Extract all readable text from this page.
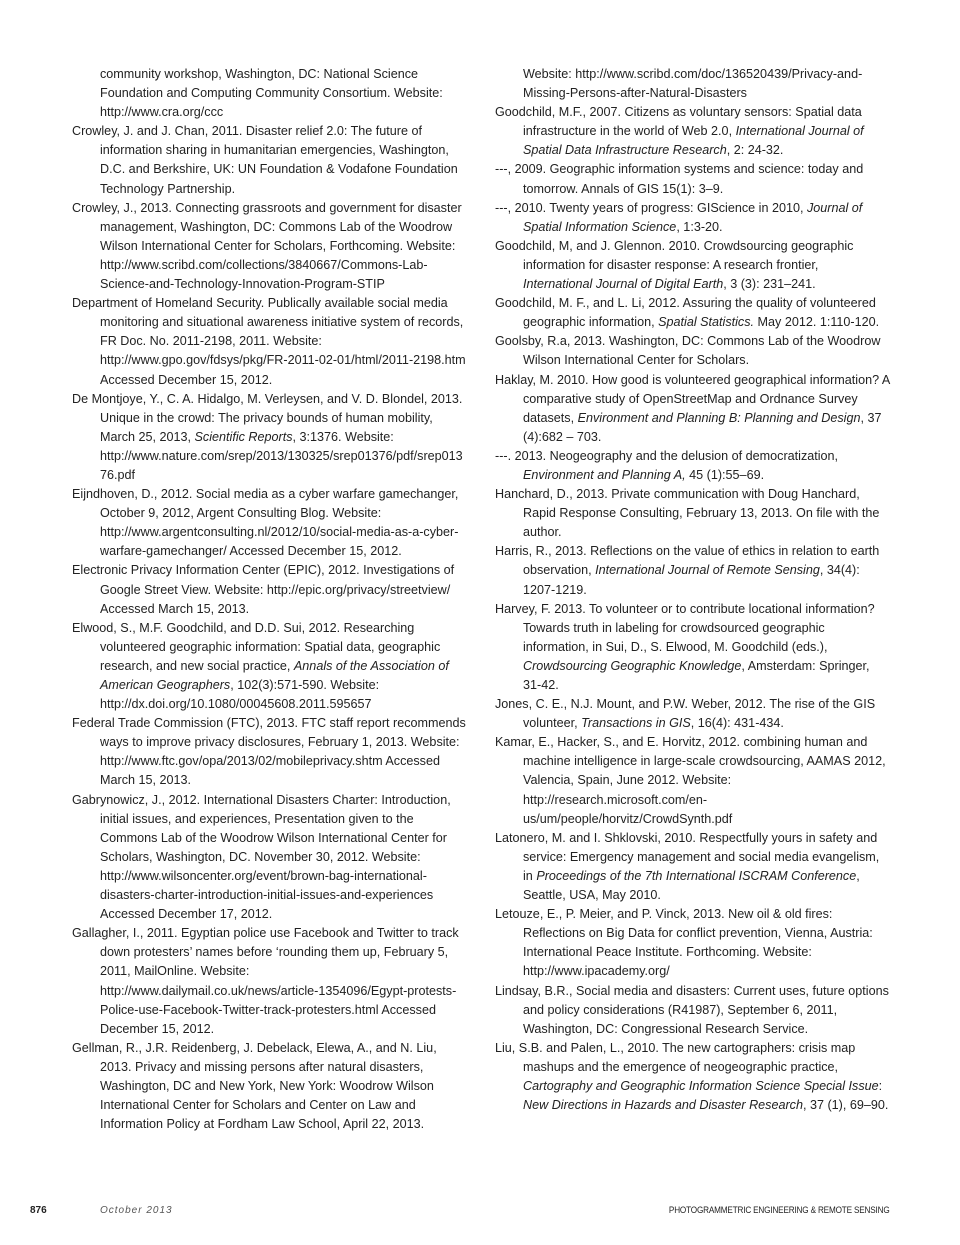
community workshop, Washington, DC: National Science Foundation and Computing Community Consortium. Website: http://www.cra.org/ccc

Crowley, J. and J. Chan, 2011. Disaster relief 2.0: The future of information sharing in humanitarian emergencies, Washington, D.C. and Berkshire, UK: UN Foundation & Vodafone Foundation Technology Partnership.

Crowley, J., 2013. Connecting grassroots and government for disaster management, Washington, DC: Commons Lab of the Woodrow Wilson International Center for Scholars, Forthcoming. Website: http://www.scribd.com/collections/3840667/Commons-Lab-Science-and-Technology-Innovation-Program-STIP

Department of Homeland Security. Publically available social media monitoring and situational awareness initiative system of records, FR Doc. No. 2011-2198, 2011. Website: http://www.gpo.gov/fdsys/pkg/FR-2011-02-01/html/2011-2198.htm Accessed December 15, 2012.

De Montjoye, Y., C. A. Hidalgo, M. Verleysen, and V. D. Blondel, 2013. Unique in the crowd: The privacy bounds of human mobility, March 25, 2013, Scientific Reports, 3:1376. Website: http://www.nature.com/srep/2013/130325/srep01376/pdf/srep01376.pdf

Eijndhoven, D., 2012. Social media as a cyber warfare gamechanger, October 9, 2012, Argent Consulting Blog. Website: http://www.argentconsulting.nl/2012/10/social-media-as-a-cyber-warfare-gamechanger/ Accessed December 15, 2012.

Electronic Privacy Information Center (EPIC), 2012. Investigations of Google Street View. Website: http://epic.org/privacy/streetview/ Accessed March 15, 2013.

Elwood, S., M.F. Goodchild, and D.D. Sui, 2012. Researching volunteered geographic information: Spatial data, geographic research, and new social practice, Annals of the Association of American Geographers, 102(3):571-590. Website: http://dx.doi.org/10.1080/00045608.2011.595657

Federal Trade Commission (FTC), 2013. FTC staff report recommends ways to improve privacy disclosures, February 1, 2013. Website: http://www.ftc.gov/opa/2013/02/mobileprivacy.shtm Accessed March 15, 2013.

Gabrynowicz, J., 2012. International Disasters Charter: Introduction, initial issues, and experiences, Presentation given to the Commons Lab of the Woodrow Wilson International Center for Scholars, Washington, DC. November 30, 2012. Website: http://www.wilsoncenter.org/event/brown-bag-international-disasters-charter-introduction-initial-issues-and-experiences Accessed December 17, 2012.

Gallagher, I., 2011. Egyptian police use Facebook and Twitter to track down protesters’ names before ‘rounding them up, February 5, 2011, MailOnline. Website: http://www.dailymail.co.uk/news/article-1354096/Egypt-protests-Police-use-Facebook-Twitter-track-protesters.html Accessed December 15, 2012.

Gellman, R., J.R. Reidenberg, J. Debelack, Elewa, A., and N. Liu, 2013. Privacy and missing persons after natural disasters, Washington, DC and New York, New York: Woodrow Wilson International Center for Scholars and Center on Law and Information Policy at Fordham Law School, April 22, 2013.

Website: http://www.scribd.com/doc/136520439/Privacy-and-Missing-Persons-after-Natural-Disasters

Goodchild, M.F., 2007. Citizens as voluntary sensors: Spatial data infrastructure in the world of Web 2.0, International Journal of Spatial Data Infrastructure Research, 2: 24-32.

---, 2009. Geographic information systems and science: today and tomorrow. Annals of GIS 15(1): 3–9.

---, 2010. Twenty years of progress: GIScience in 2010, Journal of Spatial Information Science, 1:3-20.

Goodchild, M, and J. Glennon. 2010. Crowdsourcing geographic information for disaster response: A research frontier, International Journal of Digital Earth, 3 (3): 231–241.

Goodchild, M. F., and L. Li, 2012. Assuring the quality of volunteered geographic information, Spatial Statistics. May 2012. 1:110-120.

Goolsby, R.a, 2013. Washington, DC: Commons Lab of the Woodrow Wilson International Center for Scholars.

Haklay, M. 2010. How good is volunteered geographical information? A comparative study of OpenStreetMap and Ordnance Survey datasets, Environment and Planning B: Planning and Design, 37 (4):682 – 703.

---. 2013. Neogeography and the delusion of democratization, Environment and Planning A, 45 (1):55–69.

Hanchard, D., 2013. Private communication with Doug Hanchard, Rapid Response Consulting, February 13, 2013. On file with the author.

Harris, R., 2013. Reflections on the value of ethics in relation to earth observation, International Journal of Remote Sensing, 34(4): 1207-1219.

Harvey, F. 2013. To volunteer or to contribute locational information? Towards truth in labeling for crowdsourced geographic information, in Sui, D., S. Elwood, M. Goodchild (eds.), Crowdsourcing Geographic Knowledge, Amsterdam: Springer, 31-42.

Jones, C. E., N.J. Mount, and P.W. Weber, 2012. The rise of the GIS volunteer, Transactions in GIS, 16(4): 431-434.

Kamar, E., Hacker, S., and E. Horvitz, 2012. combining human and machine intelligence in large-scale crowdsourcing, AAMAS 2012, Valencia, Spain, June 2012. Website: http://research.microsoft.com/en-us/um/people/horvitz/CrowdSynth.pdf

Latonero, M. and I. Shklovski, 2010. Respectfully yours in safety and service: Emergency management and social media evangelism, in Proceedings of the 7th International ISCRAM Conference, Seattle, USA, May 2010.

Letouze, E., P. Meier, and P. Vinck, 2013. New oil & old fires: Reflections on Big Data for conflict prevention, Vienna, Austria: International Peace Institute. Forthcoming. Website: http://www.ipacademy.org/

Lindsay, B.R., Social media and disasters: Current uses, future options and policy considerations (R41987), September 6, 2011, Washington, DC: Congressional Research Service.

Liu, S.B. and Palen, L., 2010. The new cartographers: crisis map mashups and the emergence of neogeographic practice, Cartography and Geographic Information Science Special Issue: New Directions in Hazards and Disaster Research, 37 (1), 69–90.

876	October 2013	PHOTOGRAMMETRIC ENGINEERING & REMOTE SENSING
